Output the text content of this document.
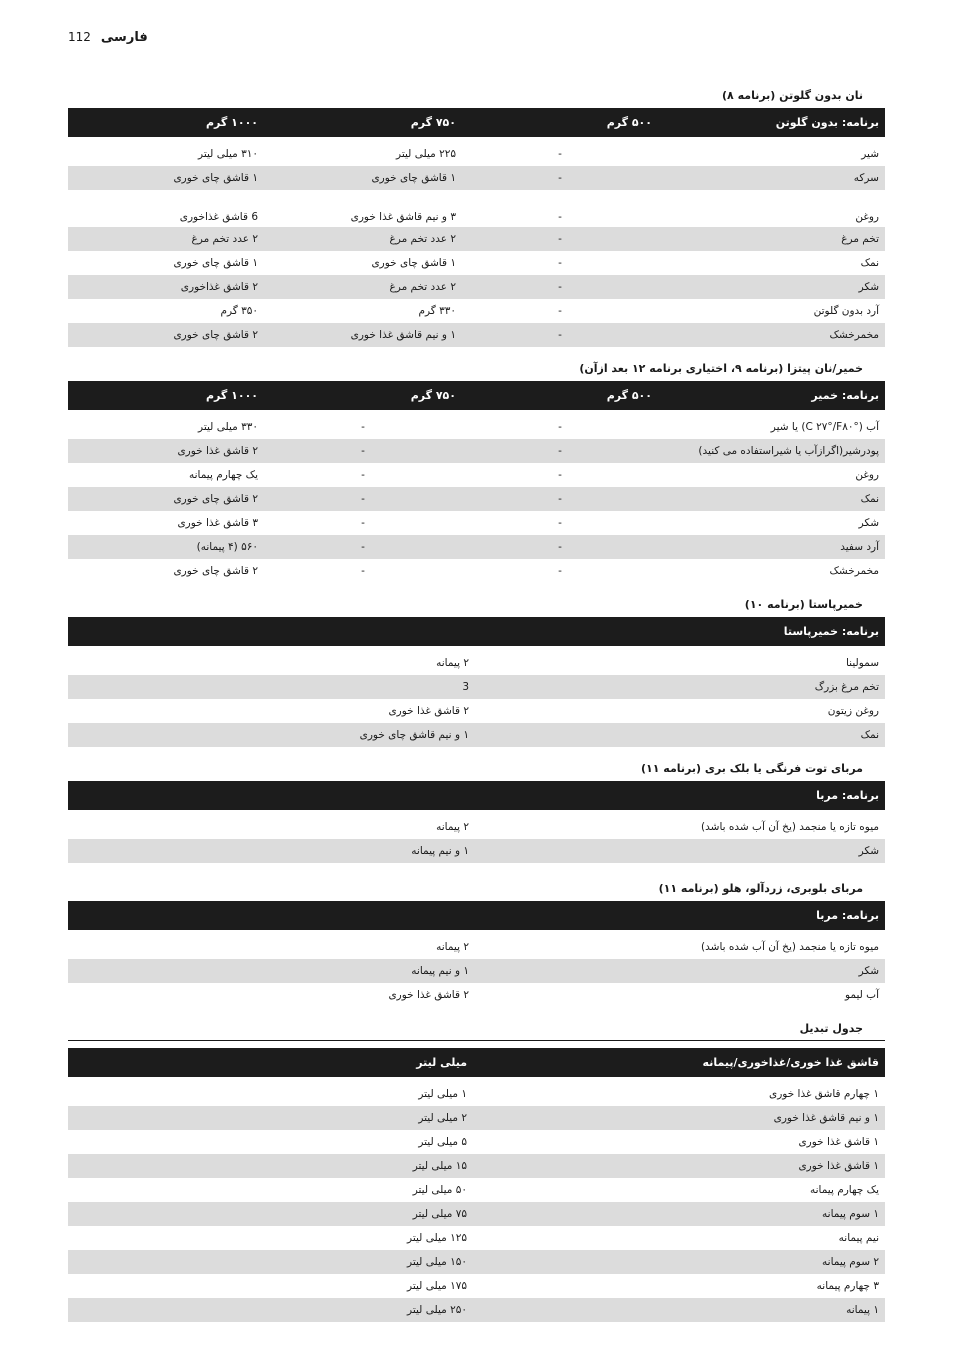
112 فارسی
نان بدون گلوتن (برنامه ۸)
برنامه: بدون گلوتن	۵۰۰ گرم	۷۵۰ گرم	۱۰۰۰ گرم

شیر	-	۲۲۵ میلی لیتر	۳۱۰ میلی لیتر
سرکه	-	۱ قاشق چای خوری	۱ قاشق چای خوری
روغن	-	۳ و نیم قاشق غذا خوری	6 قاشق غذاخوری
تخم مرغ	-	۲ عدد تخم مرغ	۲ عدد تخم مرغ
نمک	-	۱ قاشق چای خوری	۱ قاشق چای خوری
شکر	-	۲ عدد تخم مرغ	۲ قاشق غذاخوری
آرد بدون گلوتن	-	۳۳۰ گرم	۳۵۰ گرم
مخمرخشک	-	۱ و نیم قاشق غذا خوری	۲ قاشق چای خوری
خمیر/نان پیتزا (برنامه ۹، اختیاری برنامه ۱۲ بعد ازآن)
برنامه: خمیر	۵۰۰ گرم	۷۵۰ گرم	۱۰۰۰ گرم

آب (C ۲۷°/F۸۰°) یا شیر	-	-	۳۳۰ میلی لیتر
پودرشیر(اگرازآب یا شیراستفاده می کنید)	-	-	۲ قاشق غذا خوری
روغن	-	-	یک چهارم پیمانه
نمک	-	-	۲ قاشق چای خوری
شکر	-	-	۳ قاشق غذا خوری
آرد سفید	-	-	۵۶۰ (۴ پیمانه)
مخمرخشک	-	-	۲ قاشق چای خوری
خمیرپاستا (برنامه ۱۰)
برنامه: خمیرپاستا	

سمولینا	۲ پیمانه
تخم مرغ بزرگ	3
روغن زیتون	۲ قاشق غذا خوری
نمک	۱ و نیم قاشق چای خوری
مربای توت فرنگی یا بلک بری (برنامه ۱۱)
برنامه: مربا	

میوه تازه یا منجمد (یخ آن آب شده باشد)	۲ پیمانه
شکر	۱ و نیم پیمانه
مربای بلوبری، زردآلو، هلو (برنامه ۱۱)
برنامه: مربا	

میوه تازه یا منجمد (یخ آن آب شده باشد)	۲ پیمانه
شکر	۱ و نیم پیمانه
آب لیمو	۲ قاشق غذا خوری
جدول تبدیل
قاشق غذا خوری/غذاخوری/پیمانه	میلی لیتر

۱ چهارم قاشق غذا خوری	۱ میلی لیتر
۱ و نیم قاشق غذا خوری	۲ میلی لیتر
۱ قاشق غذا خوری	۵ میلی لیتر
۱ قاشق غذا خوری	۱۵ میلی لیتر
یک چهارم پیمانه	۵۰ میلی لیتر
۱ سوم پیمانه	۷۵ میلی لیتر
نیم پیمانه	۱۲۵ میلی لیتر
۲ سوم پیمانه	۱۵۰ میلی لیتر
۳ چهارم پیمانه	۱۷۵ میلی لیتر
۱ پیمانه	۲۵۰ میلی لیتر
